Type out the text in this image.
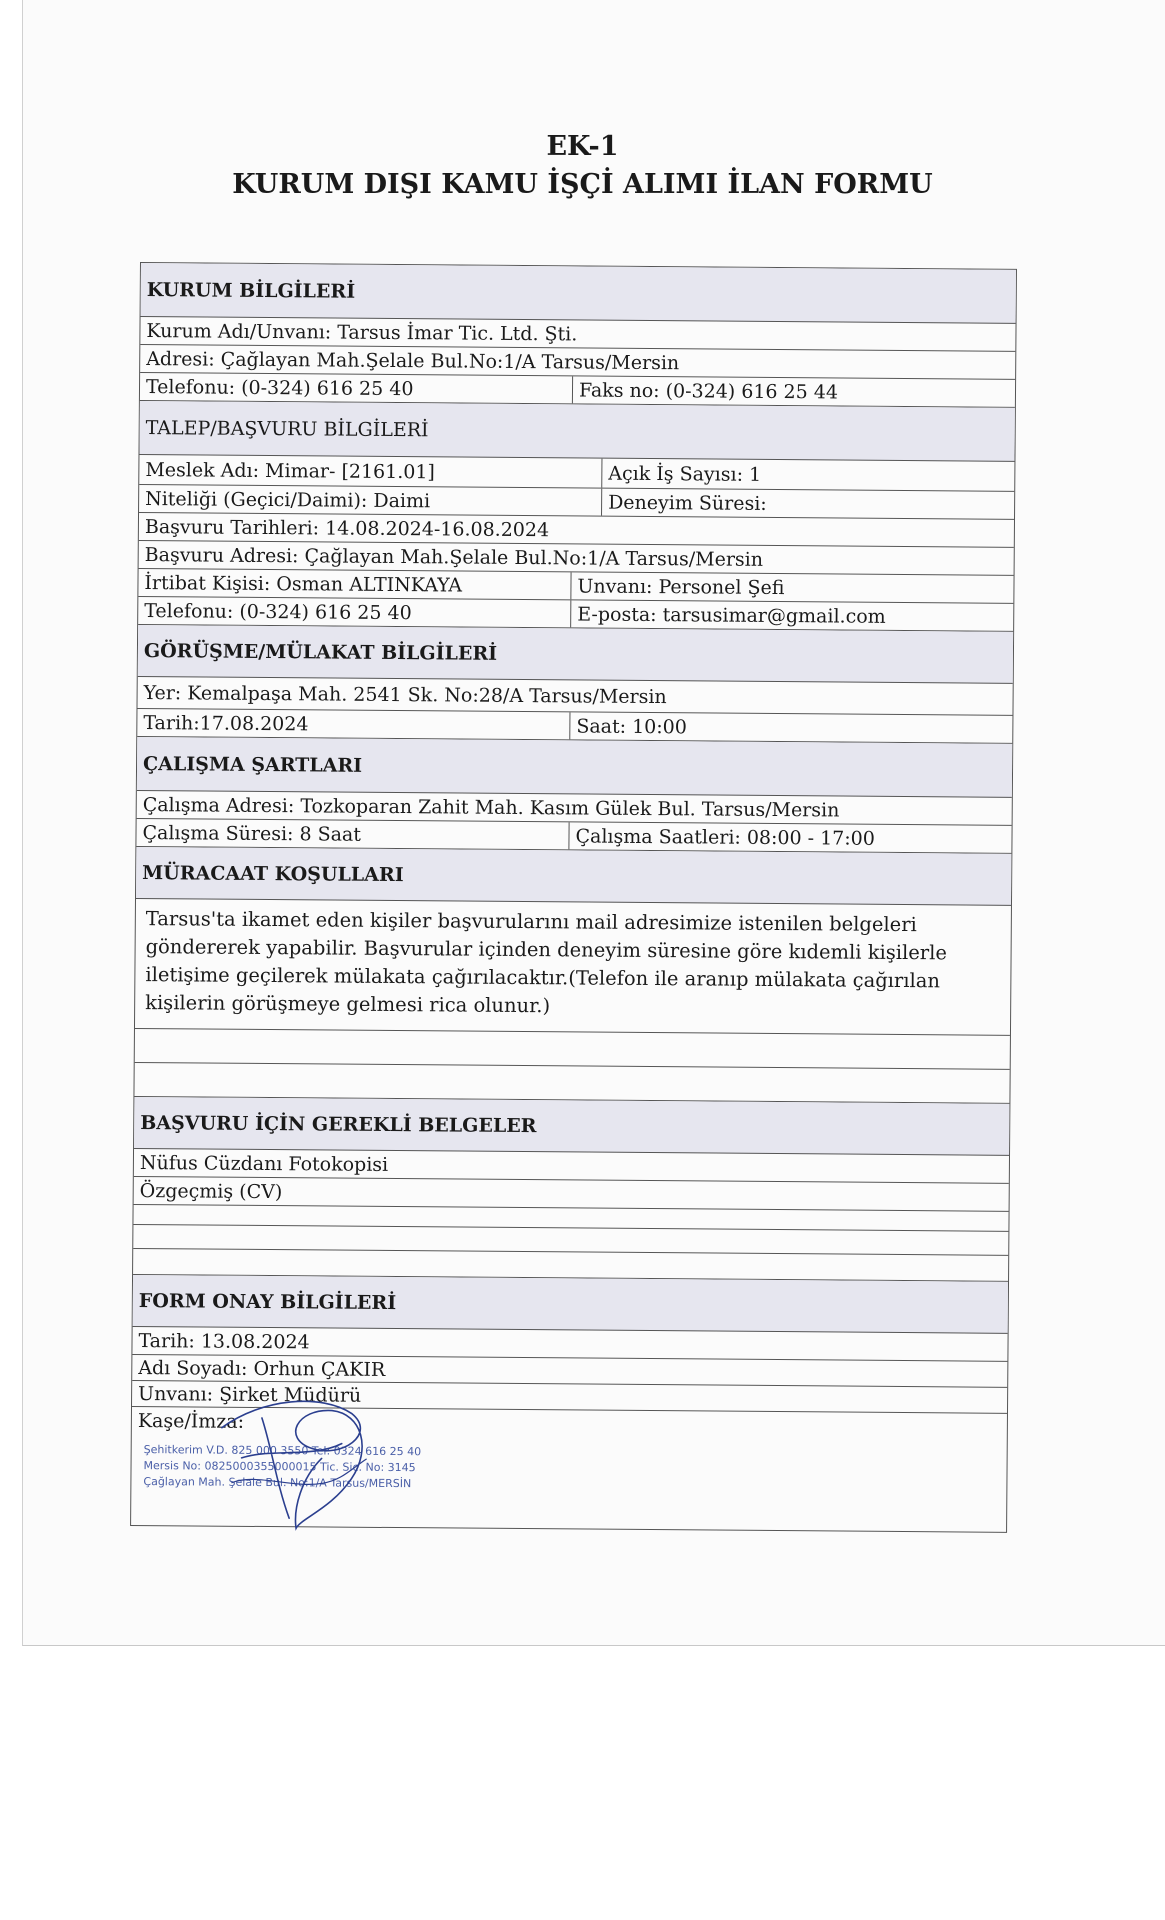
EK-1
KURUM DIŞI KAMU İŞÇİ ALIMI İLAN FORMU
KURUM BİLGİLERİ
Kurum Adı/Unvanı: Tarsus İmar Tic. Ltd. Şti.
Adresi: Çağlayan Mah.Şelale Bul.No:1/A Tarsus/Mersin
Telefonu: (0-324) 616 25 40	Faks no: (0-324) 616 25 44
TALEP/BAŞVURU BİLGİLERİ
Meslek Adı: Mimar- [2161.01]	Açık İş Sayısı: 1
Niteliği (Geçici/Daimi): Daimi	Deneyim Süresi:
Başvuru Tarihleri: 14.08.2024-16.08.2024
Başvuru Adresi: Çağlayan Mah.Şelale Bul.No:1/A Tarsus/Mersin
İrtibat Kişisi: Osman ALTINKAYA	Unvanı: Personel Şefi
Telefonu: (0-324) 616 25 40	E-posta: tarsusimar@gmail.com
GÖRÜŞME/MÜLAKAT BİLGİLERİ
Yer: Kemalpaşa Mah. 2541 Sk. No:28/A Tarsus/Mersin
Tarih:17.08.2024	Saat: 10:00
ÇALIŞMA ŞARTLARI
Çalışma Adresi: Tozkoparan Zahit Mah. Kasım Gülek Bul. Tarsus/Mersin
Çalışma Süresi: 8 Saat	Çalışma Saatleri: 08:00 - 17:00
MÜRACAAT KOŞULLARI
Tarsus'ta ikamet eden kişiler başvurularını mail adresimize istenilen belgeleri göndererek yapabilir. Başvurular içinden deneyim süresine göre kıdemli kişilerle iletişime geçilerek mülakata çağırılacaktır.(Telefon ile aranıp mülakata çağırılan kişilerin görüşmeye gelmesi rica olunur.)
BAŞVURU İÇİN GEREKLİ BELGELER
Nüfus Cüzdanı Fotokopisi
Özgeçmiş (CV)
FORM ONAY BİLGİLERİ
Tarih: 13.08.2024
Adı Soyadı: Orhun ÇAKIR
Unvanı: Şirket Müdürü
Kaşe/İmza:
Şehitkerim V.D. 825 000 3550 Tel: 0324 616 25 40
Mersis No: 0825000355000015 Tic. Sic. No: 3145
Çağlayan Mah. Şelale Bul. No:1/A Tarsus/MERSİN
